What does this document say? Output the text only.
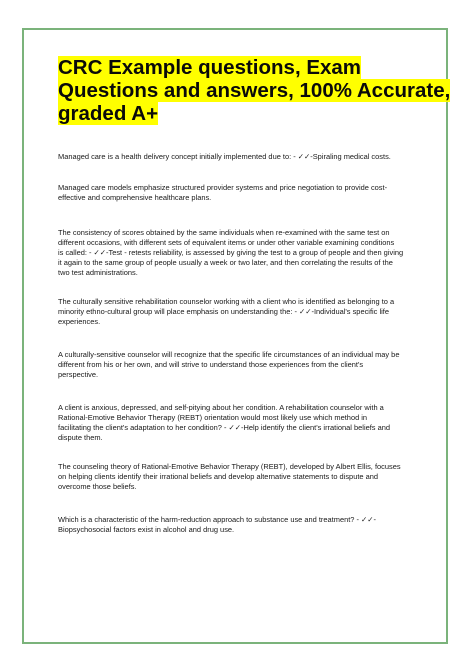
CRC Example questions, Exam

Questions and answers, 100% Accurate,

graded A+

Managed care is a health delivery concept initially implemented due to: - ✓✓-Spiraling medical costs.

Managed care models emphasize structured provider systems and price negotiation to provide cost-
effective and comprehensive healthcare plans.

The consistency of scores obtained by the same individuals when re-examined with the same test on
different occasions, with different sets of equivalent items or under other variable examining conditions
is called: - ✓✓-Test - retests reliability, is assessed by giving the test to a group of people and then giving
it again to the same group of people usually a week or two later, and then correlating the results of the
two test administrations.

The culturally sensitive rehabilitation counselor working with a client who is identified as belonging to a
minority ethno-cultural group will place emphasis on understanding the: - ✓✓-Individual's specific life
experiences.

A culturally-sensitive counselor will recognize that the specific life circumstances of an individual may be
different from his or her own, and will strive to understand those experiences from the client's
perspective.

A client is anxious, depressed, and self-pitying about her condition. A rehabilitation counselor with a
Rational-Emotive Behavior Therapy (REBT) orientation would most likely use which method in
facilitating the client's adaptation to her condition? - ✓✓-Help identify the client's irrational beliefs and
dispute them.

The counseling theory of Rational-Emotive Behavior Therapy (REBT), developed by Albert Ellis, focuses
on helping clients identify their irrational beliefs and develop alternative statements to dispute and
overcome those beliefs.

Which is a characteristic of the harm-reduction approach to substance use and treatment? - ✓✓-
Biopsychosocial factors exist in alcohol and drug use.
